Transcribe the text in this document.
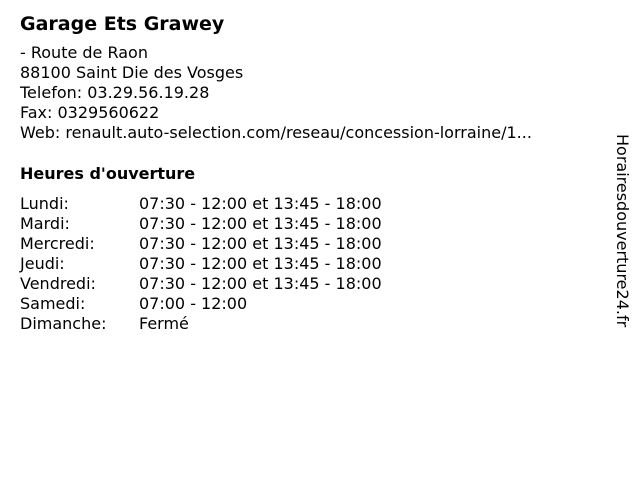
Garage Ets Grawey
- Route de Raon
88100 Saint Die des Vosges
Telefon: 03.29.56.19.28
Fax: 0329560622
Web: renault.auto-selection.com/reseau/concession-lorraine/1...
Heures d'ouverture
Lundi:	07:30 - 12:00 et 13:45 - 18:00
Mardi:	07:30 - 12:00 et 13:45 - 18:00
Mercredi:	07:30 - 12:00 et 13:45 - 18:00
Jeudi:	07:30 - 12:00 et 13:45 - 18:00
Vendredi:	07:30 - 12:00 et 13:45 - 18:00
Samedi:	07:00 - 12:00
Dimanche: Fermé	Horairesdouverture24.fr
